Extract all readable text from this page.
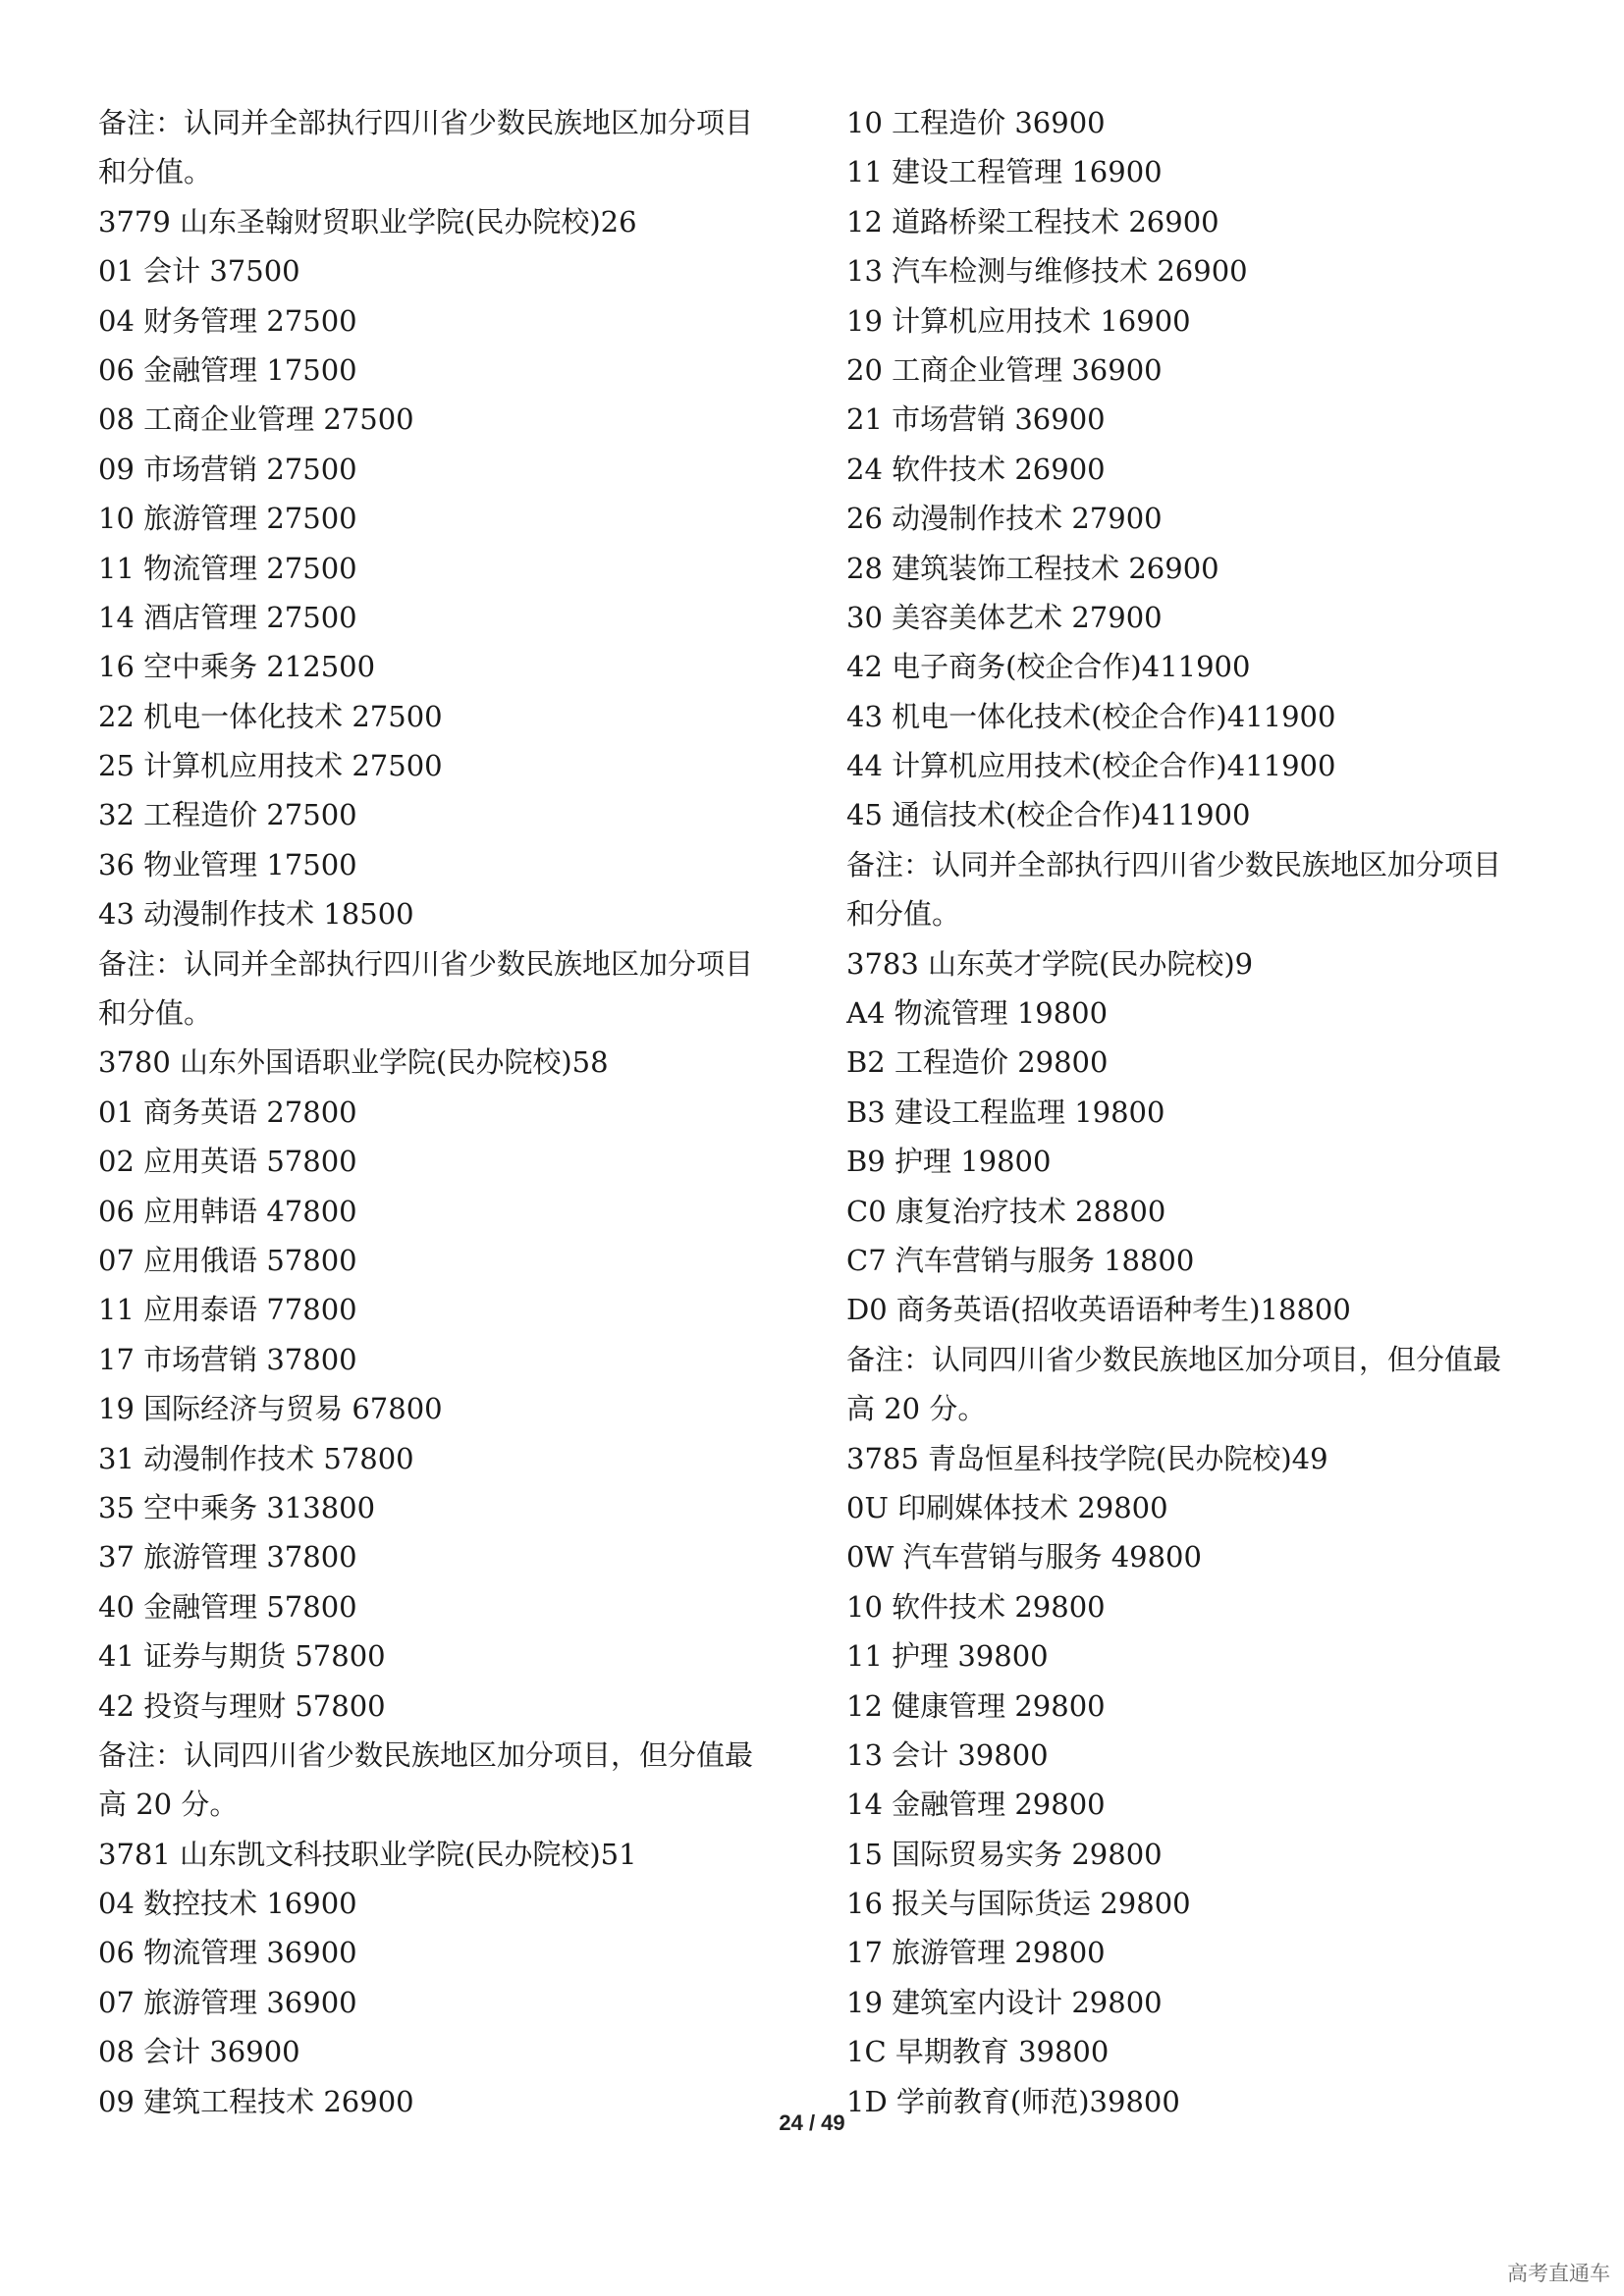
备注：认同并全部执行四川省少数民族地区加分项目
和分值。
3779 山东圣翰财贸职业学院(民办院校)26
01 会计 37500
04 财务管理 27500
06 金融管理 17500
08 工商企业管理 27500
09 市场营销 27500
10 旅游管理 27500
11 物流管理 27500
14 酒店管理 27500
16 空中乘务 212500
22 机电一体化技术 27500
25 计算机应用技术 27500
32 工程造价 27500
36 物业管理 17500
43 动漫制作技术 18500
备注：认同并全部执行四川省少数民族地区加分项目
和分值。
3780 山东外国语职业学院(民办院校)58
01 商务英语 27800
02 应用英语 57800
06 应用韩语 47800
07 应用俄语 57800
11 应用泰语 77800
17 市场营销 37800
19 国际经济与贸易 67800
31 动漫制作技术 57800
35 空中乘务 313800
37 旅游管理 37800
40 金融管理 57800
41 证券与期货 57800
42 投资与理财 57800
备注：认同四川省少数民族地区加分项目，但分值最
高 20 分。
3781 山东凯文科技职业学院(民办院校)51
04 数控技术 16900
06 物流管理 36900
07 旅游管理 36900
08 会计 36900
09 建筑工程技术 26900
10 工程造价 36900
11 建设工程管理 16900
12 道路桥梁工程技术 26900
13 汽车检测与维修技术 26900
19 计算机应用技术 16900
20 工商企业管理 36900
21 市场营销 36900
24 软件技术 26900
26 动漫制作技术 27900
28 建筑装饰工程技术 26900
30 美容美体艺术 27900
42 电子商务(校企合作)411900
43 机电一体化技术(校企合作)411900
44 计算机应用技术(校企合作)411900
45 通信技术(校企合作)411900
备注：认同并全部执行四川省少数民族地区加分项目
和分值。
3783 山东英才学院(民办院校)9
A4 物流管理 19800
B2 工程造价 29800
B3 建设工程监理 19800
B9 护理 19800
C0 康复治疗技术 28800
C7 汽车营销与服务 18800
D0 商务英语(招收英语语种考生)18800
备注：认同四川省少数民族地区加分项目，但分值最
高 20 分。
3785 青岛恒星科技学院(民办院校)49
0U 印刷媒体技术 29800
0W 汽车营销与服务 49800
10 软件技术 29800
11 护理 39800
12 健康管理 29800
13 会计 39800
14 金融管理 29800
15 国际贸易实务 29800
16 报关与国际货运 29800
17 旅游管理 29800
19 建筑室内设计 29800
1C 早期教育 39800
1D 学前教育(师范)39800
24 / 49
高考直通车
